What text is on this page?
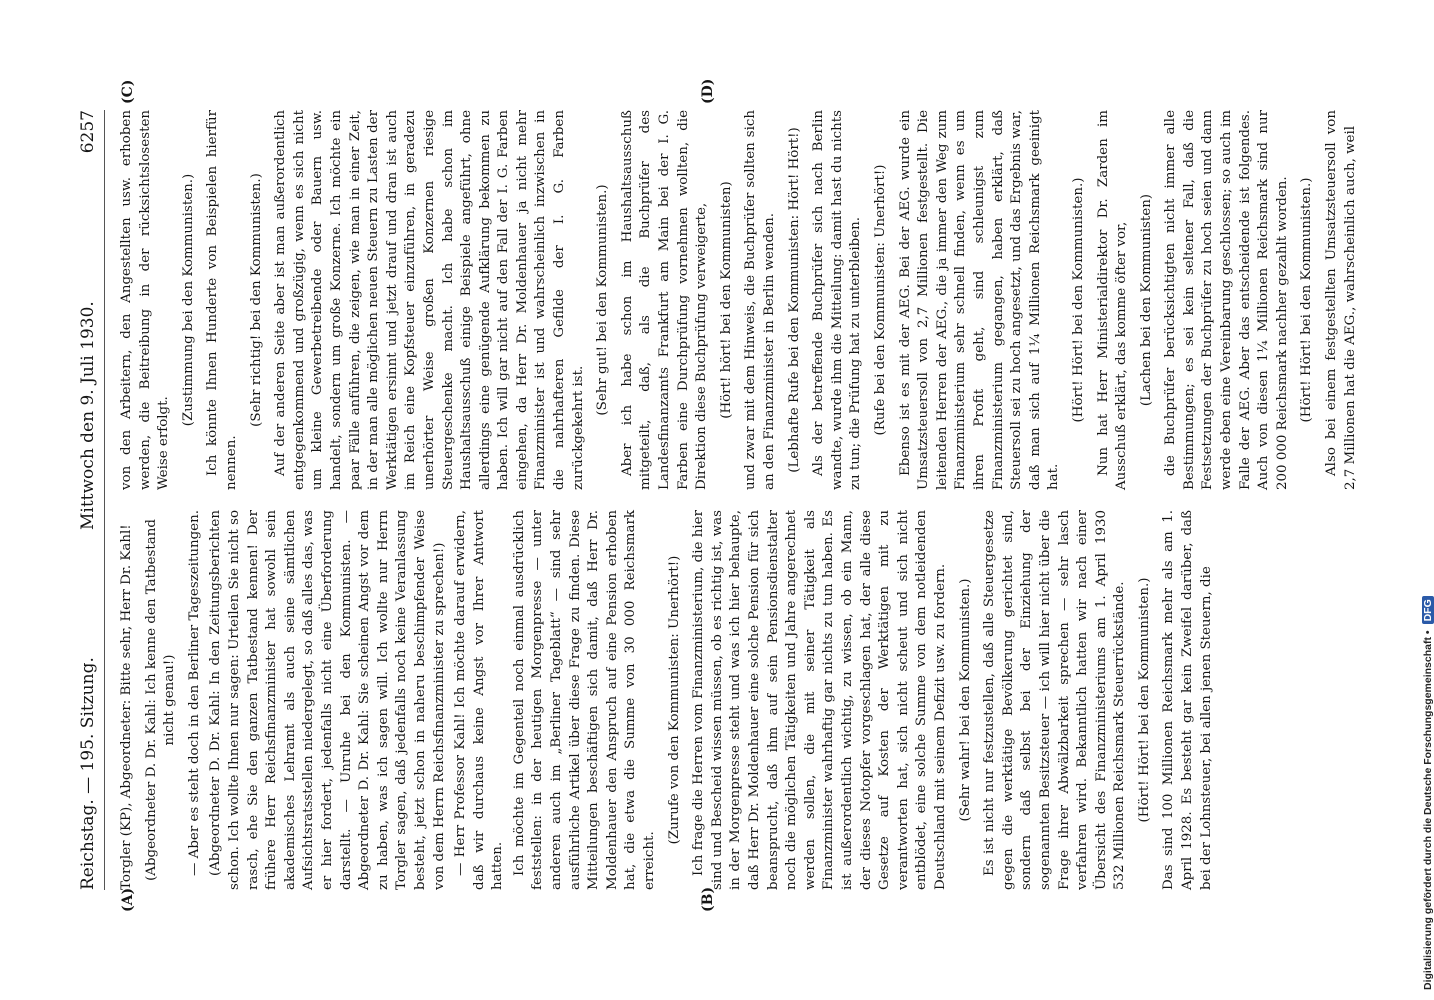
Reichstag. — 195. Sitzung.
Mittwoch den 9. Juli 1930.
6257
(A)	(B)
(C)	(D)

Torgler (KP), Abgeordneter: Bitte sehr, Herr Dr. Kahl! (Abgeordneter D. Dr. Kahl: Ich kenne den Tatbestand nicht genau!) — Aber es steht doch in den Berliner Tageszeitungen. (Abgeordneter D. Dr. Kahl: In den Zeitungsberichten schon. Ich wollte Ihnen nur sagen: Urteilen Sie nicht so rasch, ehe Sie den ganzen Tatbestand kennen! Der frühere Herr Reichsfinanzminister hat sowohl sein akademisches Lehramt als auch seine sämtlichen Aufsichtsratsstellen niedergelegt, so daß alles das, was er hier fordert, jedenfalls nicht eine Überforderung darstellt. — Unruhe bei den Kommunisten. — Abgeordneter D. Dr. Kahl: Sie scheinen Angst vor dem zu haben, was ich sagen will. Ich wollte nur Herrn Torgler sagen, daß jedenfalls noch keine Veranlassung besteht, jetzt schon in naheru beschimpfender Weise von dem Herrn Reichsfinanzminister zu sprechen!) — Herr Professor Kahl! Ich möchte darauf erwidern, daß wir durchaus keine Angst vor Ihrer Antwort hatten. Ich möchte im Gegenteil noch einmal ausdrücklich feststellen: in der heutigen Morgenpresse — unter anderen auch im „Berliner Tageblatt“ — sind sehr ausführliche Artikel über diese Frage zu finden. Diese Mitteilungen beschäftigen sich damit, daß Herr Dr. Moldenhauer den Anspruch auf eine Pension erhoben hat, die etwa die Summe von 30 000 Reichsmark erreicht.

(Zurufe von den Kommunisten: Unerhört!) Ich frage die Herren vom Finanzministerium, die hier sind und Bescheid wissen müssen, ob es richtig ist, was in der Morgenpresse steht und was ich hier behaupte, daß Herr Dr. Moldenhauer eine solche Pension für sich beansprucht, daß ihm auf sein Pensionsdienstalter noch die möglichen Tätigkeiten und Jahre angerechnet werden sollen, die mit seiner Tätigkeit als Finanzminister wahrhaftig gar nichts zu tun haben. Es ist außerordentlich wichtig, zu wissen, ob ein Mann, der dieses Notopfer vorgeschlagen hat, der alle diese Gesetze auf Kosten der Werktätigen mit zu verantworten hat, sich nicht scheut und sich nicht entblödet, eine solche Summe von dem notleidenden Deutschland mit seinem Defizit usw. zu fordern. (Sehr wahr! bei den Kommunisten.) Es ist nicht nur festzustellen, daß alle Steuergesetze gegen die werktätige Bevölkerung gerichtet sind, sondern daß selbst bei der Einziehung der sogenannten Besitzsteuer — ich will hier nicht über die Frage ihrer Abwälzbarkeit sprechen — sehr lasch verfahren wird. Bekanntlich hatten wir nach einer Übersicht des Finanzministeriums am 1. April 1930 532 Millionen Reichsmark Steuerrückstände. (Hört! Hört! bei den Kommunisten.) Das sind 100 Millionen Reichsmark mehr als am 1. April 1928. Es besteht gar kein Zweifel darüber, daß bei der Lohnsteuer, bei allen jenen Steuern, die

von den Arbeitern, den Angestellten usw. erhoben werden, die Beitreibung in der rücksichtslosesten Weise erfolgt.

(Zustimmung bei den Kommunisten.) Ich könnte Ihnen Hunderte von Beispielen hierfür nennen.

(Sehr richtig! bei den Kommunisten.) Auf der anderen Seite aber ist man außerordentlich entgegenkommend und großzügig, wenn es sich nicht um kleine Gewerbetreibende oder Bauern usw. handelt, sondern um große Konzerne. Ich möchte ein paar Fälle anführen, die zeigen, wie man in einer Zeit, in der man alle möglichen neuen Steuern zu Lasten der Werktätigen ersinnt und jetzt drauf und dran ist auch im Reich eine Kopfsteuer einzuführen, in geradezu unerhörter Weise großen Konzernen riesige Steuergeschenke macht. Ich habe schon im Haushaltsausschuß einige Beispiele angeführt, ohne allerdings eine genügende Aufklärung bekommen zu haben. Ich will gar nicht auf den Fall der I. G. Farben eingehen, da Herr Dr. Moldenhauer ja nicht mehr Finanzminister ist und wahrscheinlich inzwischen in die nahrhafteren Gefilde der I. G. Farben zurückgekehrt ist.

(Sehr gut! bei den Kommunisten.) Aber ich habe schon im Haushaltsausschuß mitgeteilt, daß, als die Buchprüfer des Landesfinanzamts Frankfurt am Main bei der I. G. Farben eine Durchprüfung vornehmen wollten, die Direktion diese Buchprüfung verweigerte, (Hört! hört! bei den Kommunisten) und zwar mit dem Hinweis, die Buchprüfer sollten sich an den Finanzminister in Berlin wenden. (Lebhafte Rufe bei den Kommunisten: Hört! Hört!) Als der betreffende Buchprüfer sich nach Berlin wandte, wurde ihm die Mitteilung: damit hast du nichts zu tun; die Prüfung hat zu unterbleiben. (Rufe bei den Kommunisten: Unerhört!) Ebenso ist es mit der AEG. Bei der AEG. wurde ein Umsatzsteuersoll von 2,7 Millionen festgestellt. Die leitenden Herren der AEG., die ja immer den Weg zum Finanzministerium sehr schnell finden, wenn es um ihren Profit geht, sind schleunigst zum Finanzministerium gegangen, haben erklärt, daß Steuersoll sei zu hoch angesetzt, und das Ergebnis war, daß man sich auf 1¼ Millionen Reichsmark geeinigt hat.

(Hört! Hört! bei den Kommunisten.) Nun hat Herr Ministerialdirektor Dr. Zarden im Ausschuß erklärt, das komme öfter vor, (Lachen bei den Kommunisten) die Buchprüfer berücksichtigten nicht immer alle Bestimmungen; es sei kein seltener Fall, daß die Festsetzungen der Buchprüfer zu hoch seien und dann werde eben eine Vereinbarung geschlossen; so auch im Falle der AEG. Aber das entscheidende ist folgendes. Auch von diesen 1¼ Millionen Reichsmark sind nur 200 000 Reichsmark nachher gezahlt worden. (Hört! Hört! bei den Kommunisten.) Also bei einem festgestellten Umsatzsteuersoll von 2,7 Millionen hat die AEG., wahrscheinlich auch, weil

Digitalisierung gefördert durch die Deutsche Forschungsgemeinschaft •DFG
